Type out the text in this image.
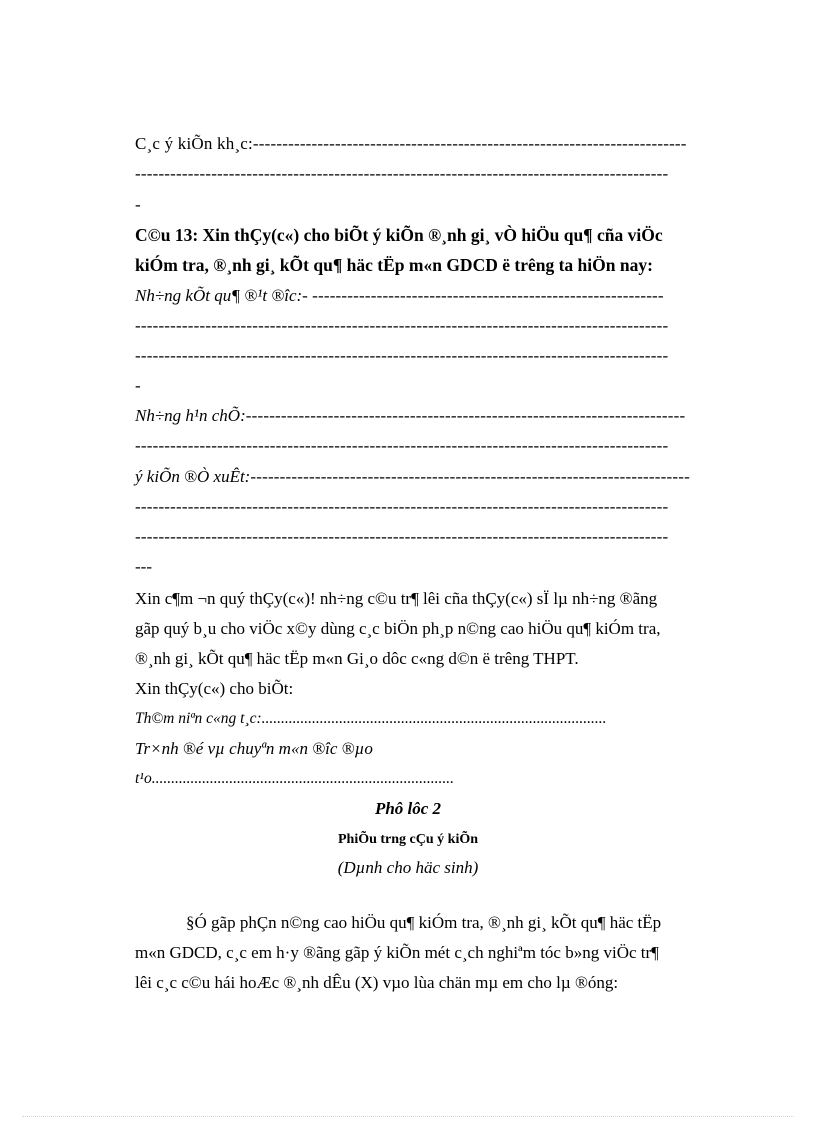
C¸c ý kiÕn kh¸c:--------------------------------------------------------------------------
-------------------------------------------------------------------------------------------
-
C©u 13: Xin thÇy(c«) cho biÕt ý kiÕn ®¸nh gi¸ vÒ hiÖu qu¶ cña viÖc
kiÓm tra, ®¸nh gi¸ kÕt qu¶ häc tËp m«n GDCD ë trêng ta hiÖn nay:
Nh÷ng kÕt qu¶ ®¹t ®îc:- ------------------------------------------------------------
-------------------------------------------------------------------------------------------
-------------------------------------------------------------------------------------------
-
Nh÷ng h¹n chÕ:---------------------------------------------------------------------------
-------------------------------------------------------------------------------------------
ý kiÕn ®Ò xuÊt:---------------------------------------------------------------------------
-------------------------------------------------------------------------------------------
-------------------------------------------------------------------------------------------
---
Xin c¶m ¬n quý thÇy(c«)! nh÷ng c©u tr¶ lêi cña thÇy(c«) sÏ lµ nh÷ng ®ãng
gãp quý b¸u cho viÖc x©y dùng c¸c biÖn ph¸p n©ng cao hiÖu qu¶ kiÓm tra,
®¸nh gi¸ kÕt qu¶ häc tËp m«n Gi¸o dôc c«ng d©n ë trêng THPT.
Xin thÇy(c«) cho biÕt:
Th©m niªn c«ng t¸c:.........................................................................................
Tr×nh ®é vµ chuyªn m«n ®îc ®µo
t¹o..............................................................................
Phô lôc 2
PhiÕu trng cÇu ý kiÕn
(Dµnh cho häc sinh)
§Ó gãp phÇn n©ng cao hiÖu qu¶ kiÓm tra, ®¸nh gi¸ kÕt qu¶ häc tËp
m«n GDCD, c¸c em h·y ®ãng gãp ý kiÕn mét c¸ch nghiªm tóc b»ng viÖc tr¶
lêi c¸c c©u hái hoÆc ®¸nh dÊu (X) vµo lùa chän mµ em cho lµ ®óng:
